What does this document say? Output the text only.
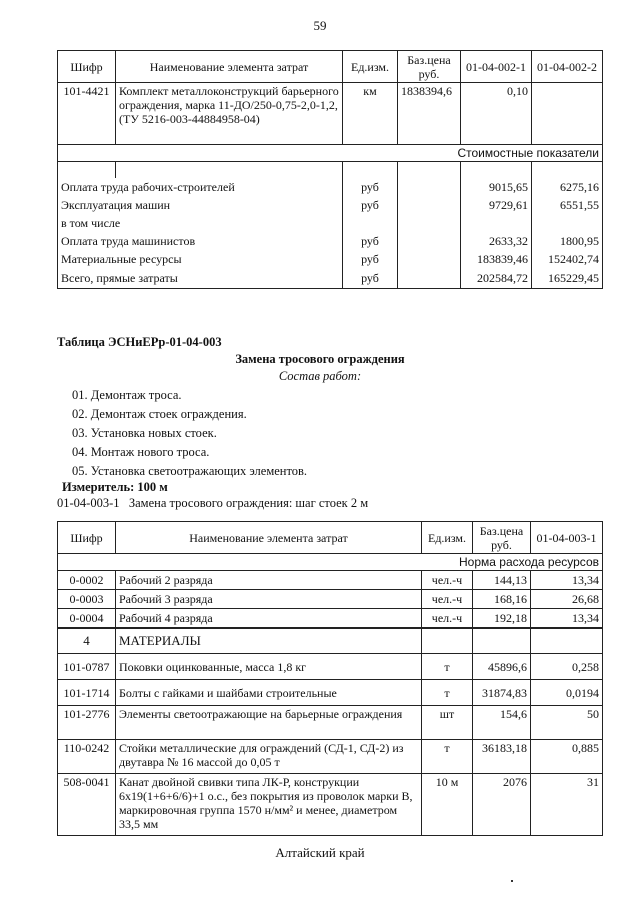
59
Шифр	Наименование элемента затрат	Ед.изм.	Баз.цена руб.	01-04-002-1	01-04-002-2
101-4421	Комплект металлоконструкций барьерного ограждения, марка 11-ДО/250-0,75-2,0-1,2, (ТУ 5216-003-44884958-04)	км	1838394,6	0,10	
Стоимостные показатели					

Оплата труда рабочих-строителей		руб		9015,65	6275,16
Эксплуатация машин		руб		9729,61	6551,55
в том числе					
Оплата труда машинистов		руб		2633,32	1800,95
Материальные ресурсы		руб		183839,46	152402,74
Всего, прямые затраты		руб		202584,72	165229,45
Таблица ЭСНиЕРр-01-04-003
Замена тросового ограждения
Состав работ:
01. Демонтаж троса.
02. Демонтаж стоек ограждения.
03. Установка новых стоек.
04. Монтаж нового троса.
05. Установка светоотражающих элементов.
Измеритель: 100 м
01-04-003-1   Замена тросового ограждения: шаг стоек 2 м
Шифр	Наименование элемента затрат	Ед.изм.	Баз.цена руб.	01-04-003-1
Норма расхода ресурсов				
0-0002	Рабочий 2 разряда	чел.-ч	144,13	13,34
0-0003	Рабочий 3 разряда	чел.-ч	168,16	26,68
0-0004	Рабочий 4 разряда	чел.-ч	192,18	13,34
4	МАТЕРИАЛЫ			
101-0787	Поковки оцинкованные, масса 1,8 кг	т	45896,6	0,258
101-1714	Болты с гайками и шайбами строительные	т	31874,83	0,0194
101-2776	Элементы светоотражающие на барьерные ограждения	шт	154,6	50
110-0242	Стойки металлические для ограждений (СД-1, СД-2) из двутавра № 16 массой до 0,05 т	т	36183,18	0,885
508-0041	Канат двойной свивки типа ЛК-Р, конструкции 6х19(1+6+6/6)+1 о.с., без покрытия из проволок марки В, маркировочная группа 1570 н/мм² и менее, диаметром 33,5 мм	10 м	2076	31
Алтайский край
